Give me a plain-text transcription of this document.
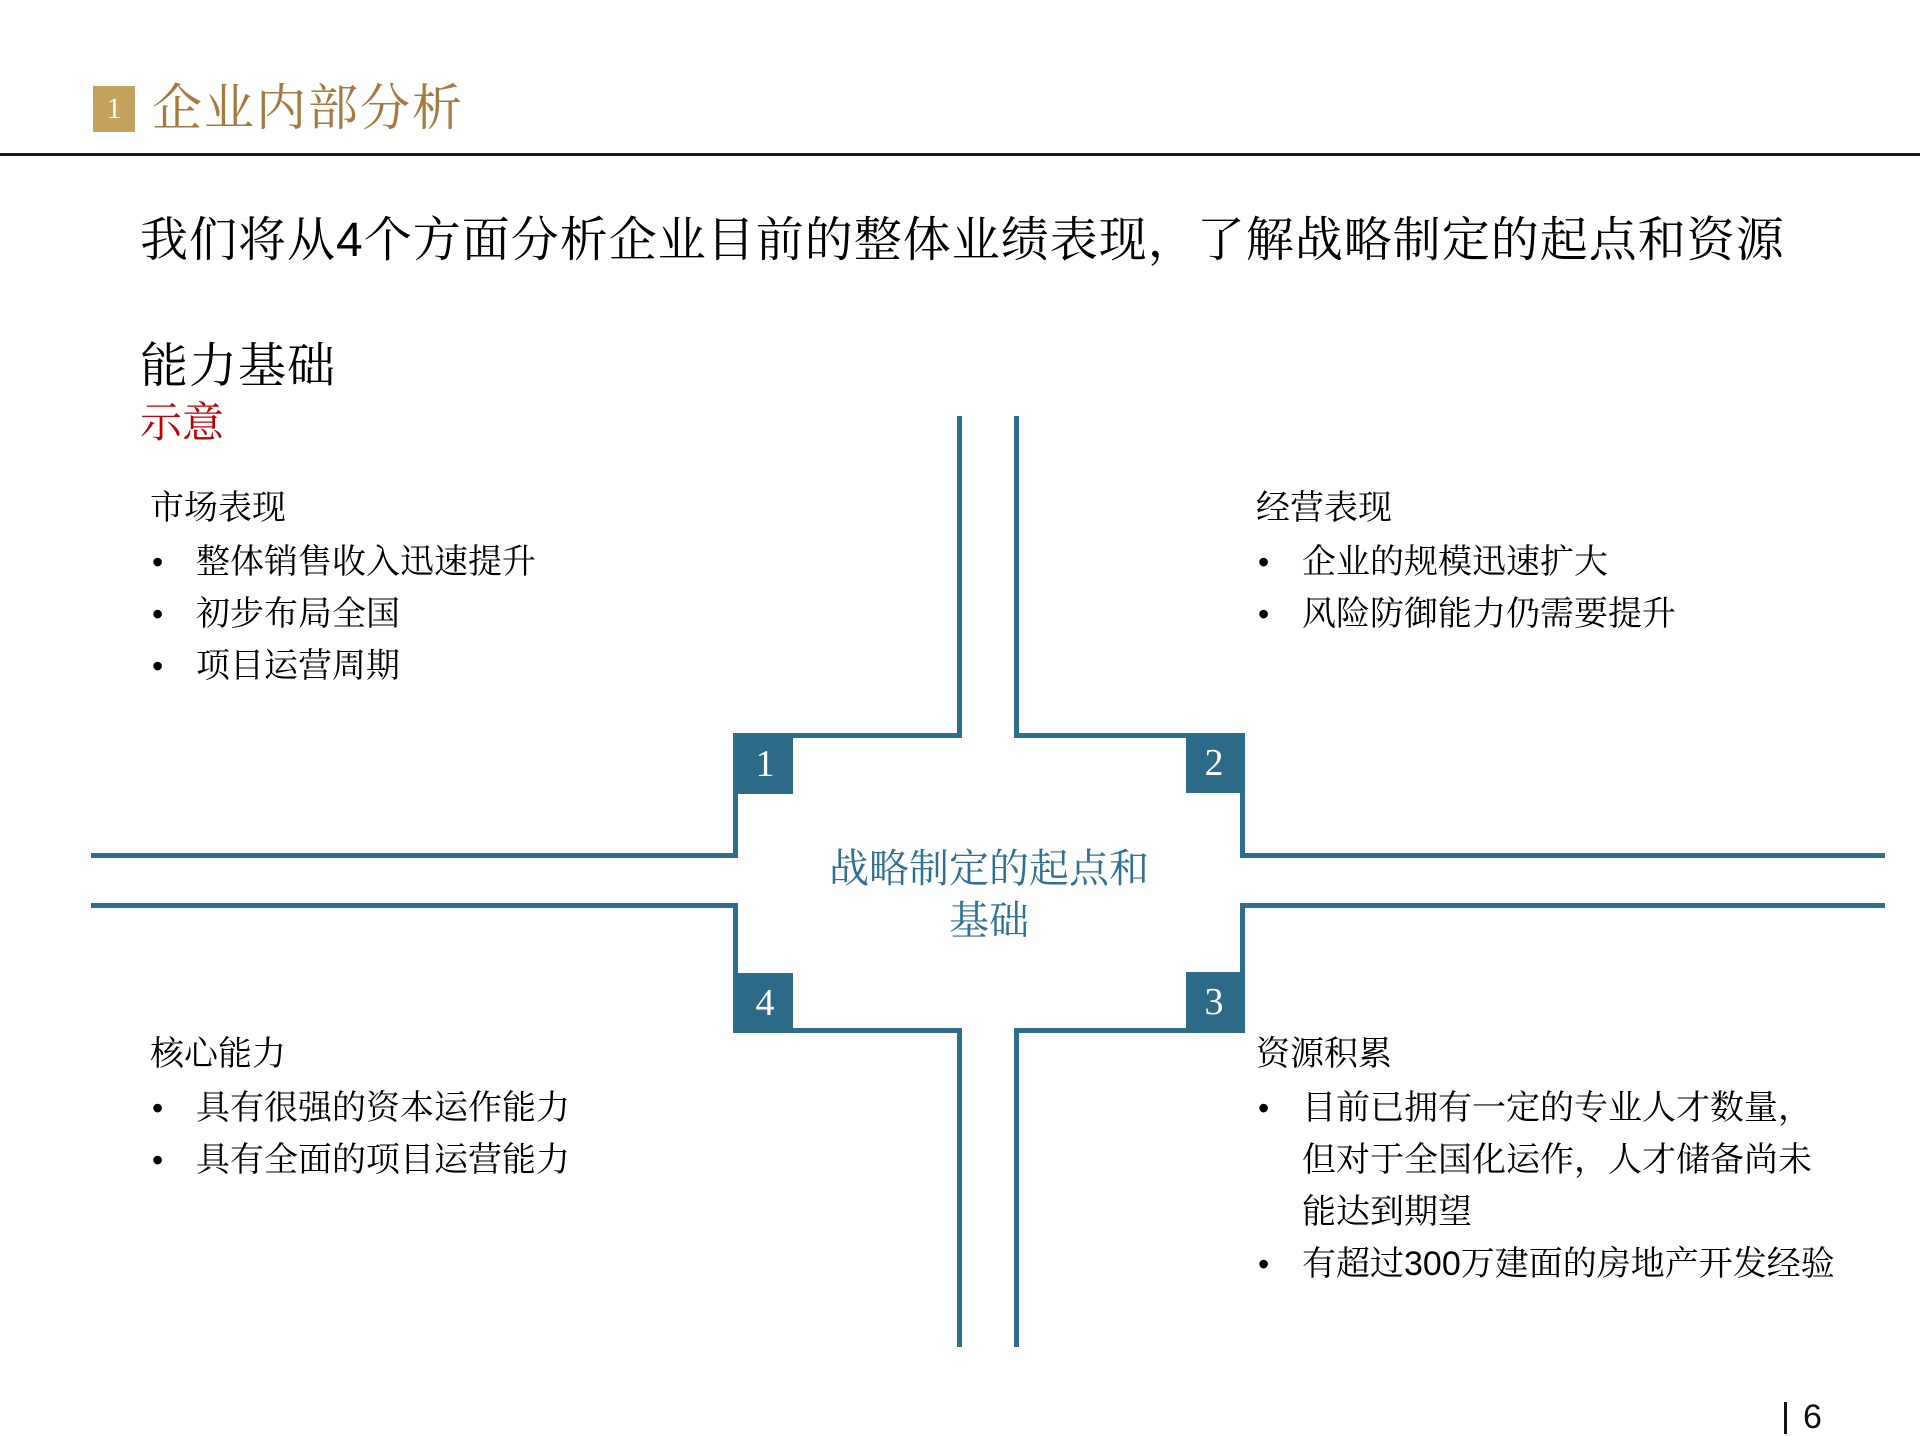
1 企业内部分析
我们将从4个方面分析企业目前的整体业绩表现，了解战略制定的起点和资源
能力基础
示意
市场表现
• 整体销售收入迅速提升
• 初步布局全国
• 项目运营周期
经营表现
• 企业的规模迅速扩大
• 风险防御能力仍需要提升
核心能力
• 具有很强的资本运作能力
• 具有全面的项目运营能力
资源积累
• 目前已拥有一定的专业人才数量，但对于全国化运作，人才储备尚未能达到期望
• 有超过300万建面的房地产开发经验
1	2
3
4
战略制定的起点和
基础
6
